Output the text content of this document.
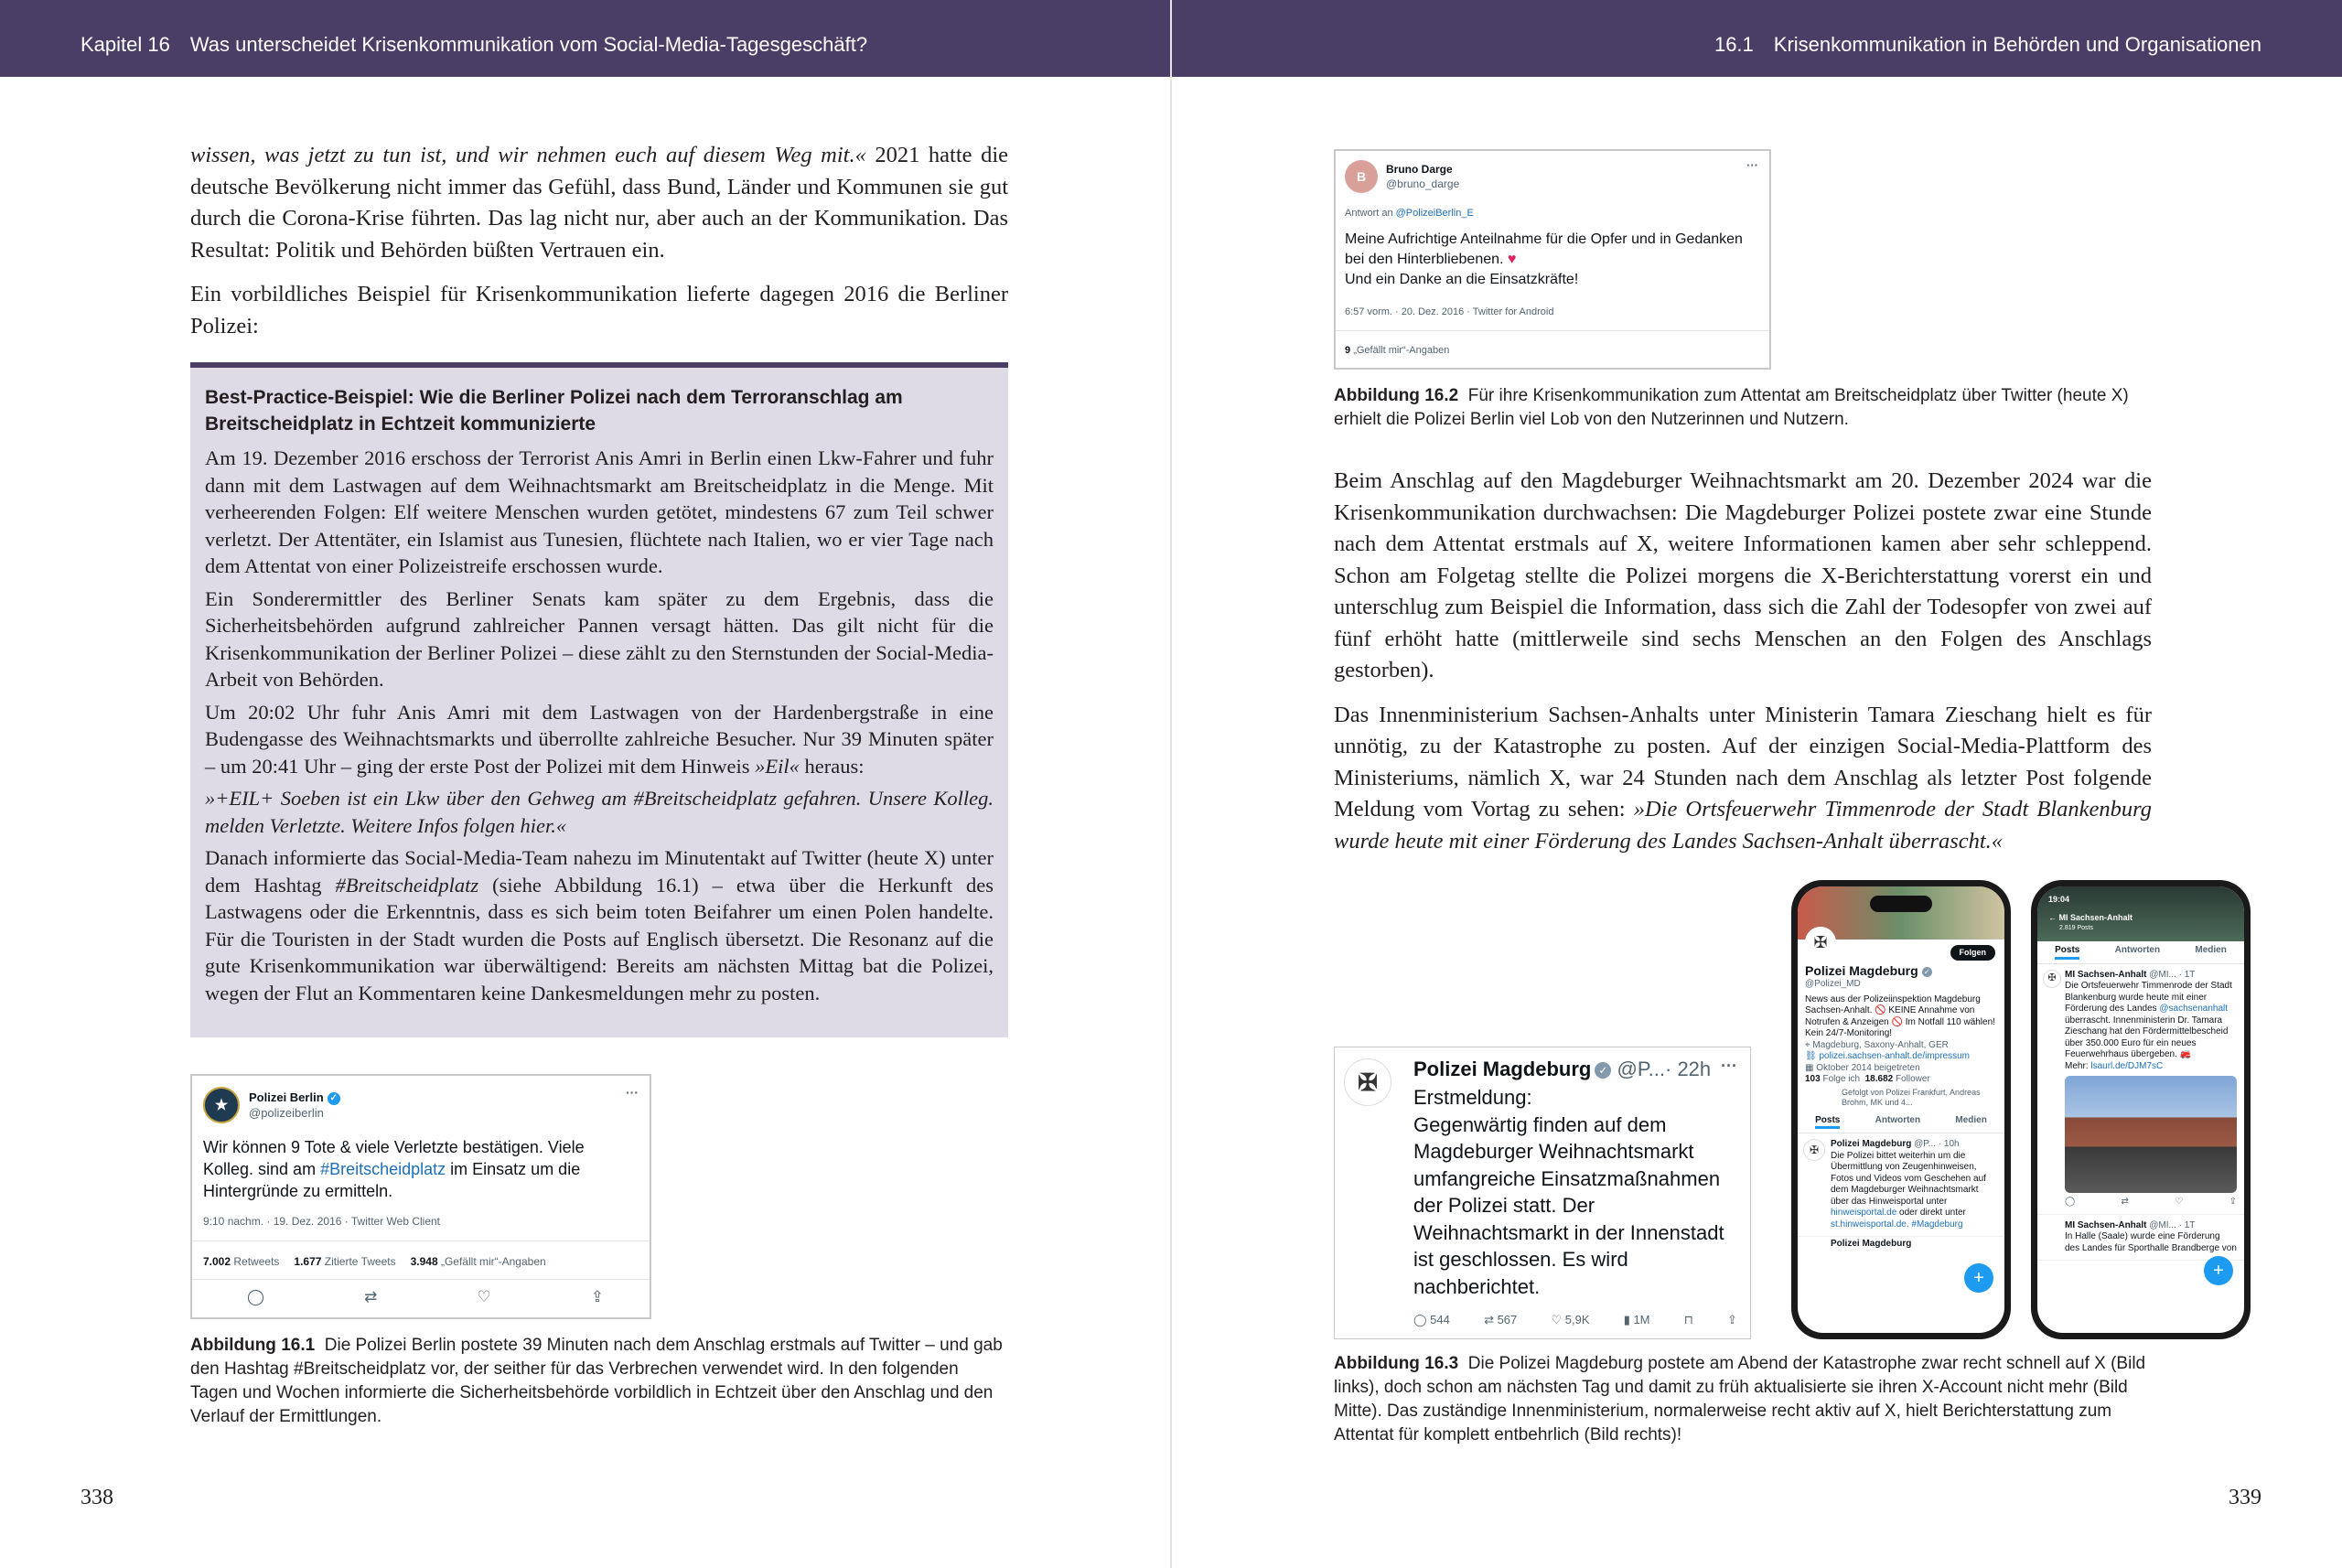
Kapitel 16 Was unterscheidet Krisenkommunikation vom Social-Media-Tagesgeschäft?

wissen, was jetzt zu tun ist, und wir nehmen euch auf diesem Weg mit.« 2021 hatte die deutsche Bevölkerung nicht immer das Gefühl, dass Bund, Länder und Kommunen sie gut durch die Corona-Krise führten. Das lag nicht nur, aber auch an der Kommunikation. Das Resultat: Politik und Behörden büßten Vertrauen ein.

Ein vorbildliches Beispiel für Krisenkommunikation lieferte dagegen 2016 die Berliner Polizei:

Best-Practice-Beispiel: Wie die Berliner Polizei nach dem Terroranschlag am Breitscheidplatz in Echtzeit kommunizierte

Am 19. Dezember 2016 erschoss der Terrorist Anis Amri in Berlin einen Lkw-Fahrer und fuhr dann mit dem Lastwagen auf dem Weihnachtsmarkt am Breitscheidplatz in die Menge. Mit verheerenden Folgen: Elf weitere Menschen wurden getötet, mindestens 67 zum Teil schwer verletzt. Der Attentäter, ein Islamist aus Tunesien, flüchtete nach Italien, wo er vier Tage nach dem Attentat von einer Polizeistreife erschossen wurde.

Ein Sonderermittler des Berliner Senats kam später zu dem Ergebnis, dass die Sicherheitsbehörden aufgrund zahlreicher Pannen versagt hätten. Das gilt nicht für die Krisenkommunikation der Berliner Polizei – diese zählt zu den Sternstunden der Social-Media-Arbeit von Behörden.

Um 20:02 Uhr fuhr Anis Amri mit dem Lastwagen von der Hardenbergstraße in eine Budengasse des Weihnachtsmarkts und überrollte zahlreiche Besucher. Nur 39 Minuten später – um 20:41 Uhr – ging der erste Post der Polizei mit dem Hinweis »Eil« heraus:

»+EIL+ Soeben ist ein Lkw über den Gehweg am #Breitscheidplatz gefahren. Unsere Kolleg. melden Verletzte. Weitere Infos folgen hier.«

Danach informierte das Social-Media-Team nahezu im Minutentakt auf Twitter (heute X) unter dem Hashtag #Breitscheidplatz (siehe Abbildung 16.1) – etwa über die Herkunft des Lastwagens oder die Erkenntnis, dass es sich beim toten Beifahrer um einen Polen handelte. Für die Touristen in der Stadt wurden die Posts auf Englisch übersetzt. Die Resonanz auf die gute Krisenkommunikation war überwältigend: Bereits am nächsten Mittag bat die Polizei, wegen der Flut an Kommentaren keine Dankesmeldungen mehr zu posten.

★
Polizei Berlin ✓
@polizeiberlin
···
Wir können 9 Tote & viele Verletzte bestätigen. Viele Kolleg. sind am #Breitscheidplatz im Einsatz um die Hintergründe zu ermitteln.
9:10 nachm. · 19. Dez. 2016 · Twitter Web Client
7.002 Retweets 1.677 Zitierte Tweets 3.948 „Gefällt mir“-Angaben
◯	⇄	♡	⇪
Abbildung 16.1 Die Polizei Berlin postete 39 Minuten nach dem Anschlag erstmals auf Twitter – und gab den Hashtag #Breitscheidplatz vor, der seither für das Verbrechen verwendet wird. In den folgenden Tagen und Wochen informierte die Sicherheitsbehörde vorbildlich in Echtzeit über den Anschlag und den Verlauf der Ermittlungen.
338
16.1 Krisenkommunikation in Behörden und Organisationen
B	Bruno Darge
@bruno_darge
···
Antwort an @PolizeiBerlin_E
Meine Aufrichtige Anteilnahme für die Opfer und in Gedanken bei den Hinterbliebenen. ♥
Und ein Danke an die Einsatzkräfte!
6:57 vorm. · 20. Dez. 2016 · Twitter for Android
9 „Gefällt mir“-Angaben
Abbildung 16.2 Für ihre Krisenkommunikation zum Attentat am Breitscheidplatz über Twitter (heute X) erhielt die Polizei Berlin viel Lob von den Nutzerinnen und Nutzern.

Beim Anschlag auf den Magdeburger Weihnachtsmarkt am 20. Dezember 2024 war die Krisenkommunikation durchwachsen: Die Magdeburger Polizei postete zwar eine Stunde nach dem Attentat erstmals auf X, weitere Informationen kamen aber sehr schleppend. Schon am Folgetag stellte die Polizei morgens die X-Berichterstattung vorerst ein und unterschlug zum Beispiel die Information, dass sich die Zahl der Todesopfer von zwei auf fünf erhöht hatte (mittlerweile sind sechs Menschen an den Folgen des Anschlags gestorben).

Das Innenministerium Sachsen-Anhalts unter Ministerin Tamara Zieschang hielt es für unnötig, zu der Katastrophe zu posten. Auf der einzigen Social-Media-Plattform des Ministeriums, nämlich X, war 24 Stunden nach dem Anschlag als letzter Post folgende Meldung vom Vortag zu sehen: »Die Ortsfeuerwehr Timmenrode der Stadt Blankenburg wurde heute mit einer Förderung des Landes Sachsen-Anhalt überrascht.«

✠	Polizei Magdeburg ✓ @P...· 22h ···
Erstmeldung:
Gegenwärtig finden auf dem Magdeburger Weihnachtsmarkt umfangreiche Einsatzmaßnahmen der Polizei statt. Der Weihnachtsmarkt in der Innenstadt ist geschlossen. Es wird nachberichtet.
◯ 544	⇄ 567	♡ 5,9K	▮ 1M	⊓	⇪
✠
Folgen
Polizei Magdeburg ✓
@Polizei_MD
News aus der Polizeiinspektion Magdeburg Sachsen-Anhalt. 🚫 KEINE Annahme von Notrufen & Anzeigen 🚫 Im Notfall 110 wählen! Kein 24/7-Monitoring!
⌖ Magdeburg, Saxony-Anhalt, GER
⛓ polizei.sachsen-anhalt.de/impressum
▦ Oktober 2014 beigetreten
103 Folge ich 18.682 Follower
Gefolgt von Polizei Frankfurt, Andreas Brohm, MK und 4...
Posts	Antworten	Medien
✠	Polizei Magdeburg @P... · 10h
Die Polizei bittet weiterhin um die Übermittlung von Zeugenhinweisen, Fotos und Videos vom Geschehen auf dem Magdeburger Weihnachtsmarkt über das Hinweisportal unter hinweisportal.de oder direkt unter st.hinweisportal.de. #Magdeburg
Polizei Magdeburg
+
19:04
← MI Sachsen-Anhalt
2.819 Posts
Posts	Antworten	Medien
✠ MI Sachsen-Anhalt @MI... · 1T
Die Ortsfeuerwehr Timmenrode der Stadt Blankenburg wurde heute mit einer Förderung des Landes @sachsenanhalt überrascht. Innenministerin Dr. Tamara Zieschang hat den Fördermittelbescheid über 350.000 Euro für ein neues Feuerwehrhaus übergeben. 🚒
Mehr: lsaurl.de/DJM7sC
◯	⇄	♡	⇪
MI Sachsen-Anhalt @MI... · 1T
In Halle (Saale) wurde eine Förderung des Landes für Sporthalle Brandberge von
+
Abbildung 16.3 Die Polizei Magdeburg postete am Abend der Katastrophe zwar recht schnell auf X (Bild links), doch schon am nächsten Tag und damit zu früh aktualisierte sie ihren X-Account nicht mehr (Bild Mitte). Das zuständige Innenministerium, normalerweise recht aktiv auf X, hielt Berichterstattung zum Attentat für komplett entbehrlich (Bild rechts)!
339
